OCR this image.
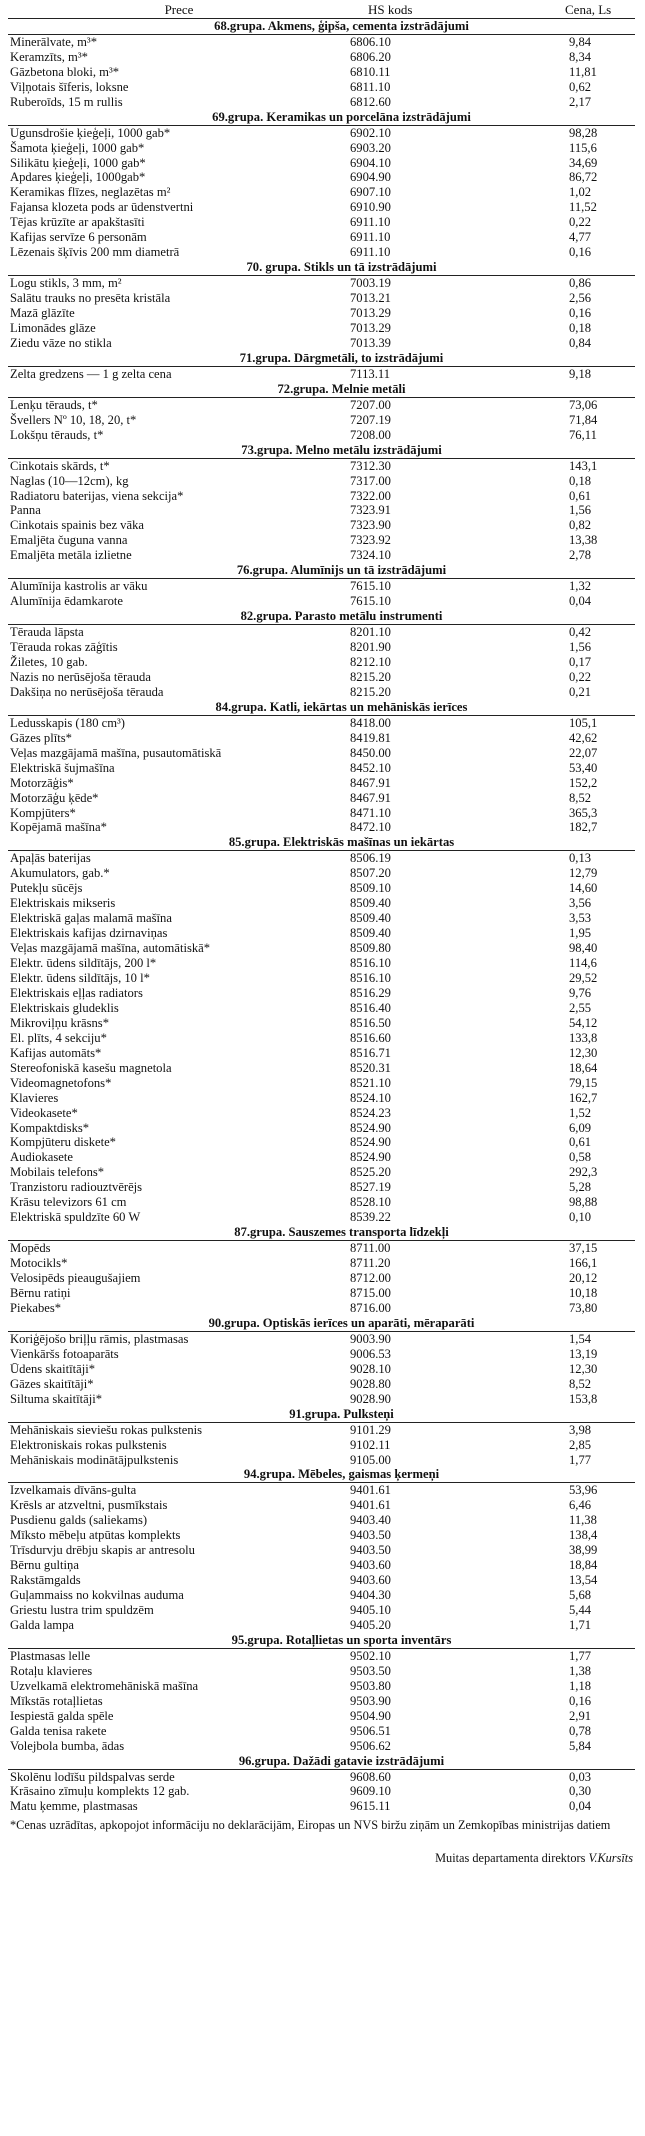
Prece	HS kods	Cena, Ls
68.grupa. Akmens, ģipša, cementa izstrādājumi		
Minerālvate, m³*	6806.10	9,84
Keramzīts, m³*	6806.20	8,34
Gāzbetona bloki, m³*	6810.11	11,81
Viļņotais šīferis, loksne	6811.10	0,62
Ruberoīds, 15 m rullis	6812.60	2,17
69.grupa. Keramikas un porcelāna izstrādājumi		
Ugunsdrošie ķieģeļi, 1000 gab*	6902.10	98,28
Šamota ķieģeļi, 1000 gab*	6903.20	115,6
Silikātu ķieģeļi, 1000 gab*	6904.10	34,69
Apdares ķieģeļi, 1000gab*	6904.90	86,72
Keramikas flīzes, neglazētas m²	6907.10	1,02
Fajansa klozeta pods ar ūdenstvertni	6910.90	11,52
Tējas krūzīte ar apakštasīti	6911.10	0,22
Kafijas servīze 6 personām	6911.10	4,77
Lēzenais šķīvis 200 mm diametrā	6911.10	0,16
70. grupa. Stikls un tā izstrādājumi		
Logu stikls, 3 mm, m²	7003.19	0,86
Salātu trauks no presēta kristāla	7013.21	2,56
Mazā glāzīte	7013.29	0,16
Limonādes glāze	7013.29	0,18
Ziedu vāze no stikla	7013.39	0,84
71.grupa. Dārgmetāli, to izstrādājumi		
Zelta gredzens — 1 g zelta cena	7113.11	9,18
72.grupa. Melnie metāli		
Lenķu tērauds, t*	7207.00	73,06
Švellers Nº 10, 18, 20, t*	7207.19	71,84
Lokšņu tērauds, t*	7208.00	76,11
73.grupa. Melno metālu izstrādājumi		
Cinkotais skārds, t*	7312.30	143,1
Naglas (10—12cm), kg	7317.00	0,18
Radiatoru baterijas, viena sekcija*	7322.00	0,61
Panna	7323.91	1,56
Cinkotais spainis bez vāka	7323.90	0,82
Emaljēta čuguna vanna	7323.92	13,38
Emaljēta metāla izlietne	7324.10	2,78
76.grupa. Alumīnijs un tā izstrādājumi		
Alumīnija kastrolis ar vāku	7615.10	1,32
Alumīnija ēdamkarote	7615.10	0,04
82.grupa. Parasto metālu instrumenti		
Tērauda lāpsta	8201.10	0,42
Tērauda rokas zāģītis	8201.90	1,56
Žiletes, 10 gab.	8212.10	0,17
Nazis no nerūsējoša tērauda	8215.20	0,22
Dakšiņa no nerūsējoša tērauda	8215.20	0,21
84.grupa. Katli, iekārtas un mehāniskās ierīces		
Ledusskapis (180 cm³)	8418.00	105,1
Gāzes plīts*	8419.81	42,62
Veļas mazgājamā mašīna, pusautomātiskā	8450.00	22,07
Elektriskā šujmašīna	8452.10	53,40
Motorzāģis*	8467.91	152,2
Motorzāģu ķēde*	8467.91	8,52
Kompjūters*	8471.10	365,3
Kopējamā mašīna*	8472.10	182,7
85.grupa. Elektriskās mašīnas un iekārtas		
Apaļās baterijas	8506.19	0,13
Akumulators, gab.*	8507.20	12,79
Putekļu sūcējs	8509.10	14,60
Elektriskais mikseris	8509.40	3,56
Elektriskā gaļas malamā mašīna	8509.40	3,53
Elektriskais kafijas dzirnaviņas	8509.40	1,95
Veļas mazgājamā mašīna, automātiskā*	8509.80	98,40
Elektr. ūdens sildītājs, 200 l*	8516.10	114,6
Elektr. ūdens sildītājs, 10 l*	8516.10	29,52
Elektriskais eļļas radiators	8516.29	9,76
Elektriskais gludeklis	8516.40	2,55
Mikroviļņu krāsns*	8516.50	54,12
El. plīts, 4 sekciju*	8516.60	133,8
Kafijas automāts*	8516.71	12,30
Stereofoniskā kasešu magnetola	8520.31	18,64
Videomagnetofons*	8521.10	79,15
Klavieres	8524.10	162,7
Videokasete*	8524.23	1,52
Kompaktdisks*	8524.90	6,09
Kompjūteru diskete*	8524.90	0,61
Audiokasete	8524.90	0,58
Mobilais telefons*	8525.20	292,3
Tranzistoru radiouztvērējs	8527.19	5,28
Krāsu televizors 61 cm	8528.10	98,88
Elektriskā spuldzīte 60 W	8539.22	0,10
87.grupa. Sauszemes transporta līdzekļi		
Mopēds	8711.00	37,15
Motocikls*	8711.20	166,1
Velosipēds pieaugušajiem	8712.00	20,12
Bērnu ratiņi	8715.00	10,18
Piekabes*	8716.00	73,80
90.grupa. Optiskās ierīces un aparāti, mēraparāti		
Koriģējošo briļļu rāmis, plastmasas	9003.90	1,54
Vienkāršs fotoaparāts	9006.53	13,19
Ūdens skaitītāji*	9028.10	12,30
Gāzes skaitītāji*	9028.80	8,52
Siltuma skaitītāji*	9028.90	153,8
91.grupa. Pulksteņi		
Mehāniskais sieviešu rokas pulkstenis	9101.29	3,98
Elektroniskais rokas pulkstenis	9102.11	2,85
Mehāniskais modinātājpulkstenis	9105.00	1,77
94.grupa. Mēbeles, gaismas ķermeņi		
Izvelkamais dīvāns-gulta	9401.61	53,96
Krēsls ar atzveltni, pusmīkstais	9401.61	6,46
Pusdienu galds (saliekams)	9403.40	11,38
Mīksto mēbeļu atpūtas komplekts	9403.50	138,4
Trīsdurvju drēbju skapis ar antresolu	9403.50	38,99
Bērnu gultiņa	9403.60	18,84
Rakstāmgalds	9403.60	13,54
Guļammaiss no kokvilnas auduma	9404.30	5,68
Griestu lustra trim spuldzēm	9405.10	5,44
Galda lampa	9405.20	1,71
95.grupa. Rotaļlietas un sporta inventārs		
Plastmasas lelle	9502.10	1,77
Rotaļu klavieres	9503.50	1,38
Uzvelkamā elektromehāniskā mašīna	9503.80	1,18
Mīkstās rotaļlietas	9503.90	0,16
Iespiestā galda spēle	9504.90	2,91
Galda tenisa rakete	9506.51	0,78
Volejbola bumba, ādas	9506.62	5,84
96.grupa. Dažādi gatavie izstrādājumi		
Skolēnu lodīšu pildspalvas serde	9608.60	0,03
Krāsaino zīmuļu komplekts 12 gab.	9609.10	0,30
Matu ķemme, plastmasas	9615.11	0,04
*Cenas uzrādītas, apkopojot informāciju no deklarācijām, Eiropas un NVS biržu ziņām un Zemkopības ministrijas datiem
Muitas departamenta direktors V.Kursīts
